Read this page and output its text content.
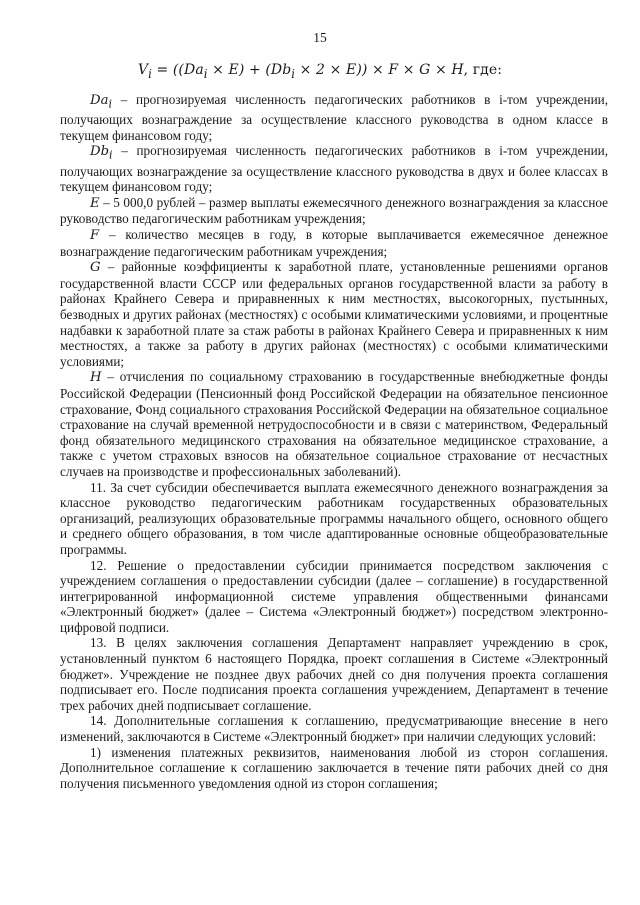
15
$V_i = ((Da_i \times E) + (Db_i \times 2 \times E)) \times F \times G \times H$, где:

$Da_i$ – прогнозируемая численность педагогических работников в i-том учреждении, получающих вознаграждение за осуществление классного руководства в одном классе в текущем финансовом году;

$Db_i$ – прогнозируемая численность педагогических работников в i-том учреждении, получающих вознаграждение за осуществление классного руководства в двух и более классах в текущем финансовом году;

E – 5 000,0 рублей – размер выплаты ежемесячного денежного вознаграждения за классное руководство педагогическим работникам учреждения;

F – количество месяцев в году, в которые выплачивается ежемесячное денежное вознаграждение педагогическим работникам учреждения;

G – районные коэффициенты к заработной плате, установленные решениями органов государственной власти СССР или федеральных органов государственной власти за работу в районах Крайнего Севера и приравненных к ним местностях, высокогорных, пустынных, безводных и других районах (местностях) с особыми климатическими условиями, и процентные надбавки к заработной плате за стаж работы в районах Крайнего Севера и приравненных к ним местностях, а также за работу в других районах (местностях) с особыми климатическими условиями;

H – отчисления по социальному страхованию в государственные внебюджетные фонды Российской Федерации (Пенсионный фонд Российской Федерации на обязательное пенсионное страхование, Фонд социального страхования Российской Федерации на обязательное социальное страхование на случай временной нетрудоспособности и в связи с материнством, Федеральный фонд обязательного медицинского страхования на обязательное медицинское страхование, а также с учетом страховых взносов на обязательное социальное страхование от несчастных случаев на производстве и профессиональных заболеваний).

11. За счет субсидии обеспечивается выплата ежемесячного денежного вознаграждения за классное руководство педагогическим работникам государственных образовательных организаций, реализующих образовательные программы начального общего, основного общего и среднего общего образования, в том числе адаптированные основные общеобразовательные программы.

12. Решение о предоставлении субсидии принимается посредством заключения с учреждением соглашения о предоставлении субсидии (далее – соглашение) в государственной интегрированной информационной системе управления общественными финансами «Электронный бюджет» (далее – Система «Электронный бюджет») посредством электронно-цифровой подписи.

13. В целях заключения соглашения Департамент направляет учреждению в срок, установленный пунктом 6 настоящего Порядка, проект соглашения в Системе «Электронный бюджет». Учреждение не позднее двух рабочих дней со дня получения проекта соглашения подписывает его. После подписания проекта соглашения учреждением, Департамент в течение трех рабочих дней подписывает соглашение.

14. Дополнительные соглашения к соглашению, предусматривающие внесение в него изменений, заключаются в Системе «Электронный бюджет» при наличии следующих условий:

1) изменения платежных реквизитов, наименования любой из сторон соглашения. Дополнительное соглашение к соглашению заключается в течение пяти рабочих дней со дня получения письменного уведомления одной из сторон соглашения;
